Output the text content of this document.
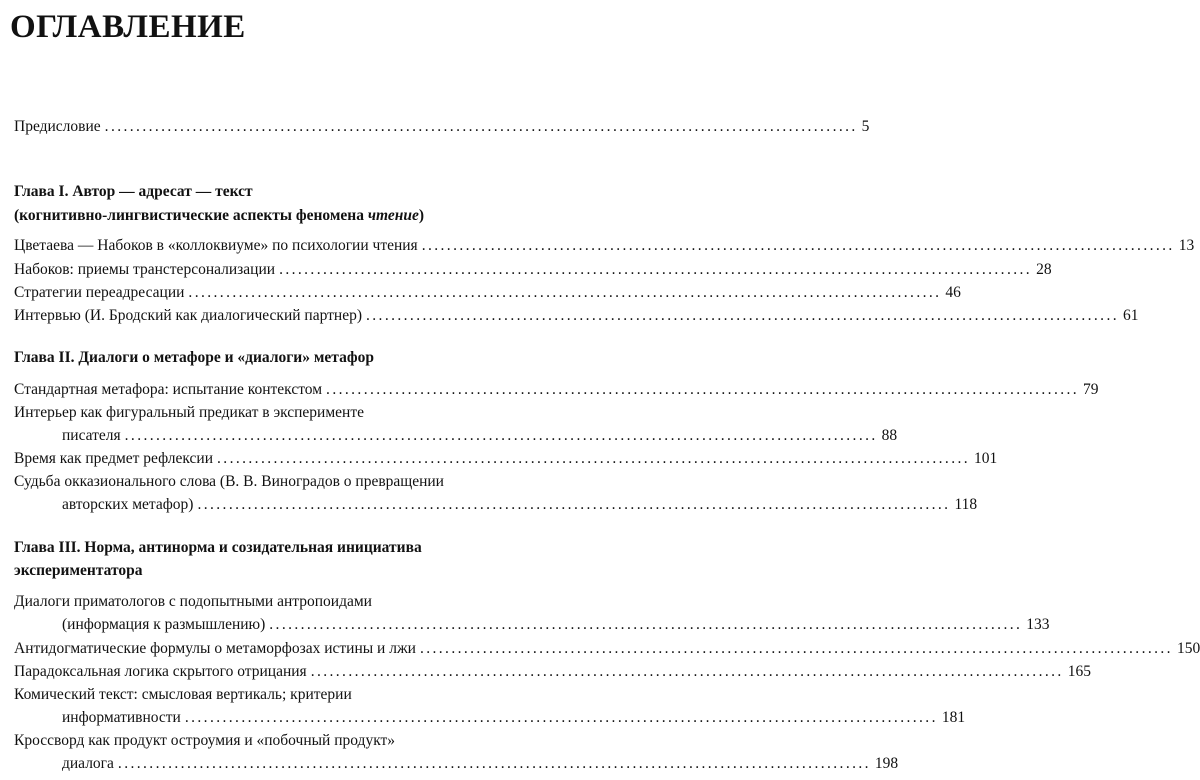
ОГЛАВЛЕНИЕ
Предисловие ........................................................................................................................ 5
Глава I. Автор — адресат — текст
(когнитивно-лингвистические аспекты феномена чтение)
Цветаева — Набоков в «коллоквиуме» по психологии чтения ........................................................................................................................ 13
Набоков: приемы транстерсонализации ........................................................................................................................ 28
Стратегии переадресации ........................................................................................................................ 46
Интервью (И. Бродский как диалогический партнер) ........................................................................................................................ 61
Глава II. Диалоги о метафоре и «диалоги» метафор
Стандартная метафора: испытание контекстом ........................................................................................................................ 79
Интерьер как фигуральный предикат в эксперименте
писателя ........................................................................................................................ 88
Время как предмет рефлексии ........................................................................................................................ 101
Судьба окказионального слова (В. В. Виноградов о превращении
авторских метафор) ........................................................................................................................ 118
Глава III. Норма, антинорма и созидательная инициатива
экспериментатора
Диалоги приматологов с подопытными антропоидами
(информация к размышлению) ........................................................................................................................ 133
Антидогматические формулы о метаморфозах истины и лжи ........................................................................................................................ 150
Парадоксальная логика скрытого отрицания ........................................................................................................................ 165
Комический текст: смысловая вертикаль; критерии
информативности ........................................................................................................................ 181
Кроссворд как продукт остроумия и «побочный продукт»
диалога ........................................................................................................................ 198
